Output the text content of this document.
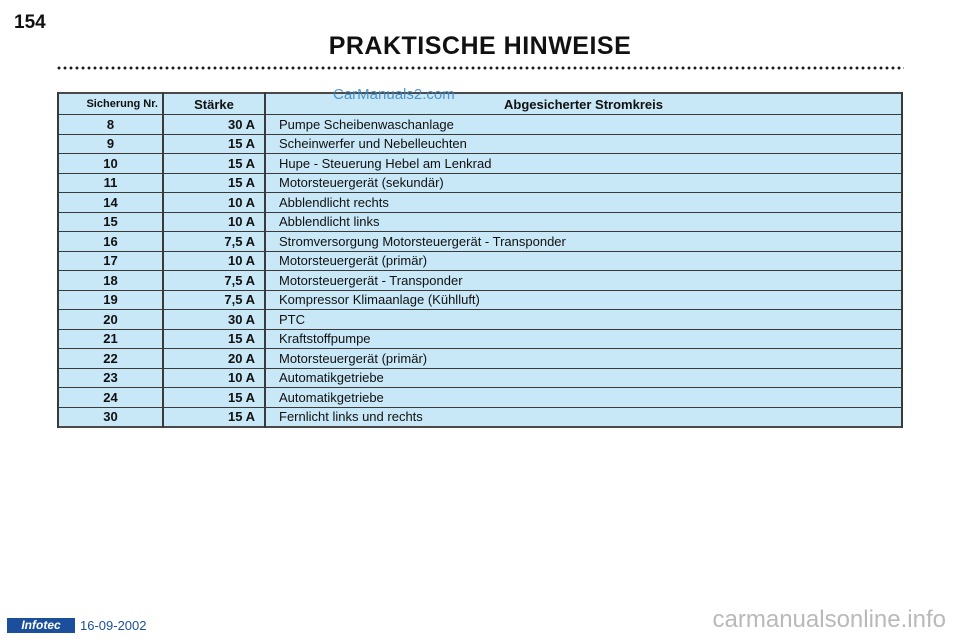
154
PRAKTISCHE HINWEISE
Sicherung Nr.	Stärke	Abgesicherter Stromkreis
8	30 A	Pumpe Scheibenwaschanlage
9	15 A	Scheinwerfer und Nebelleuchten
10	15 A	Hupe - Steuerung Hebel am Lenkrad
11	15 A	Motorsteuergerät (sekundär)
14	10 A	Abblendlicht rechts
15	10 A	Abblendlicht links
16	7,5 A	Stromversorgung Motorsteuergerät - Transponder
17	10 A	Motorsteuergerät (primär)
18	7,5 A	Motorsteuergerät - Transponder
19	7,5 A	Kompressor Klimaanlage (Kühlluft)
20	30 A	PTC
21	15 A	Kraftstoffpumpe
22	20 A	Motorsteuergerät (primär)
23	10 A	Automatikgetriebe
24	15 A	Automatikgetriebe
30	15 A	Fernlicht links und rechts
CarManuals2.com
Infotec	16-09-2002	carmanualsonline.info
